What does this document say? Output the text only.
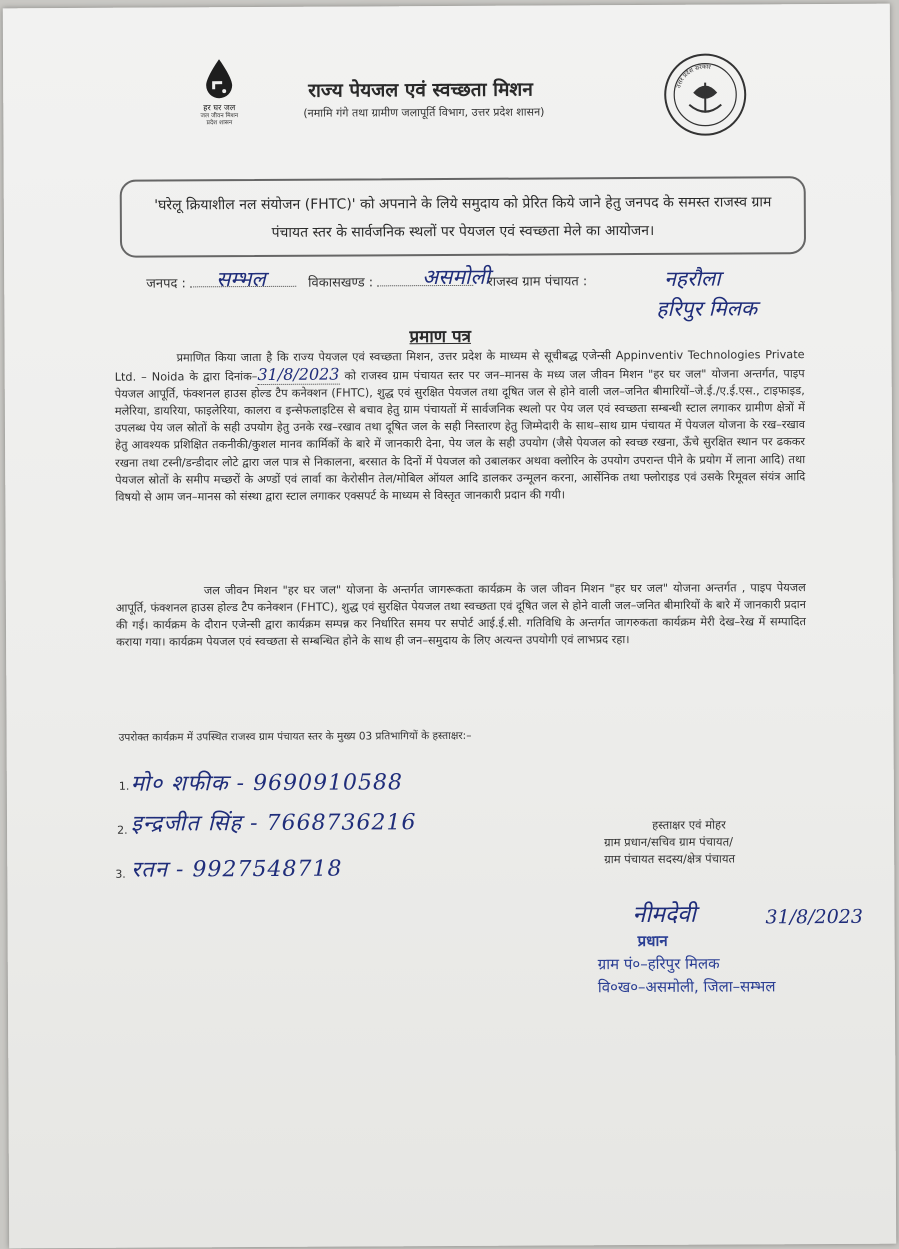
हर घर जल
जल जीवन मिशन
प्रदेश शासन
राज्य पेयजल एवं स्वच्छता मिशन
(नमामि गंगे तथा ग्रामीण जलापूर्ति विभाग, उत्तर प्रदेश शासन)
उत्तर प्रदेश सरकार
'घरेलू क्रियाशील नल संयोजन (FHTC)' को अपनाने के लिये समुदाय को प्रेरित किये जाने हेतु जनपद के समस्त राजस्व ग्राम पंचायत स्तर के सार्वजनिक स्थलों पर पेयजल एवं स्वच्छता मेले का आयोजन।
जनपद :	विकासखण्ड :	राजस्व ग्राम पंचायत :
सम्भल	असमोली	नहरौला
हरिपुर मिलक
प्रमाण पत्र
प्रमाणित किया जाता है कि राज्य पेयजल एवं स्वच्छता मिशन, उत्तर प्रदेश के माध्यम से सूचीबद्ध एजेन्सी Appinventiv Technologies Private Ltd. – Noida के द्वारा दिनांक–31/8/2023 को राजस्व ग्राम पंचायत स्तर पर जन–मानस के मध्य जल जीवन मिशन "हर घर जल" योजना अन्तर्गत, पाइप पेयजल आपूर्ति, फंक्शनल हाउस होल्ड टैप कनेक्शन (FHTC), शुद्ध एवं सुरक्षित पेयजल तथा दूषित जल से होने वाली जल–जनित बीमारियों–जे.ई./ए.ई.एस., टाइफाइड, मलेरिया, डायरिया, फाइलेरिया, कालरा व इन्सेफलाइटिस से बचाव हेतु ग्राम पंचायतों में सार्वजनिक स्थलो पर पेय जल एवं स्वच्छता सम्बन्धी स्टाल लगाकर ग्रामीण क्षेत्रों में उपलब्ध पेय जल स्रोतों के सही उपयोग हेतु उनके रख–रखाव तथा दूषित जल के सही निस्तारण हेतु जिम्मेदारी के साथ–साथ ग्राम पंचायत में पेयजल योजना के रख–रखाव हेतु आवश्यक प्रशिक्षित तकनीकी/कुशल मानव कार्मिकों के बारे में जानकारी देना, पेय जल के सही उपयोग (जैसे पेयजल को स्वच्छ रखना, ऊँचे सुरक्षित स्थान पर ढककर रखना तथा टस्नी/डन्डीदार लोटे द्वारा जल पात्र से निकालना, बरसात के दिनों में पेयजल को उबालकर अथवा क्लोरिन के उपयोग उपरान्त पीने के प्रयोग में लाना आदि) तथा पेयजल स्रोतों के समीप मच्छरों के अण्डों एवं लार्वा का केरोसीन तेल/मोबिल ऑयल आदि डालकर उन्मूलन करना, आर्सेनिक तथा फ्लोराइड एवं उसके रिमूवल संयंत्र आदि विषयो से आम जन–मानस को संस्था द्वारा स्टाल लगाकर एक्सपर्ट के माध्यम से विस्तृत जानकारी प्रदान की गयी।
जल जीवन मिशन "हर घर जल" योजना के अन्तर्गत जागरूकता कार्यक्रम के जल जीवन मिशन "हर घर जल" योजना अन्तर्गत , पाइप पेयजल आपूर्ति, फंक्शनल हाउस होल्ड टैप कनेक्शन (FHTC), शुद्ध एवं सुरक्षित पेयजल तथा स्वच्छता एवं दूषित जल से होने वाली जल–जनित बीमारियों के बारे में जानकारी प्रदान की गई। कार्यक्रम के दौरान एजेन्सी द्वारा कार्यक्रम सम्पन्न कर निर्धारित समय पर सपोर्ट आई.ई.सी. गतिविधि के अन्तर्गत जागरुकता कार्यक्रम मेरी देख–रेख में सम्पादित कराया गया। कार्यक्रम पेयजल एवं स्वच्छता से सम्बन्धित होने के साथ ही जन–समुदाय के लिए अत्यन्त उपयोगी एवं लाभप्रद रहा।
उपरोक्त कार्यक्रम में उपस्थित राजस्व ग्राम पंचायत स्तर के मुख्य 03 प्रतिभागियों के हस्ताक्षर:–
1. मो० शफीक - 9690910588
2. इन्द्रजीत सिंह - 7668736216
3. रतन - 9927548718
हस्ताक्षर एवं मोहर
ग्राम प्रधान/सचिव ग्राम पंचायत/
ग्राम पंचायत सदस्य/क्षेत्र पंचायत
नीमदेवी	31/8/2023
प्रधान
ग्राम पं०–हरिपुर मिलक
वि०ख०–असमोली, जिला–सम्भल
